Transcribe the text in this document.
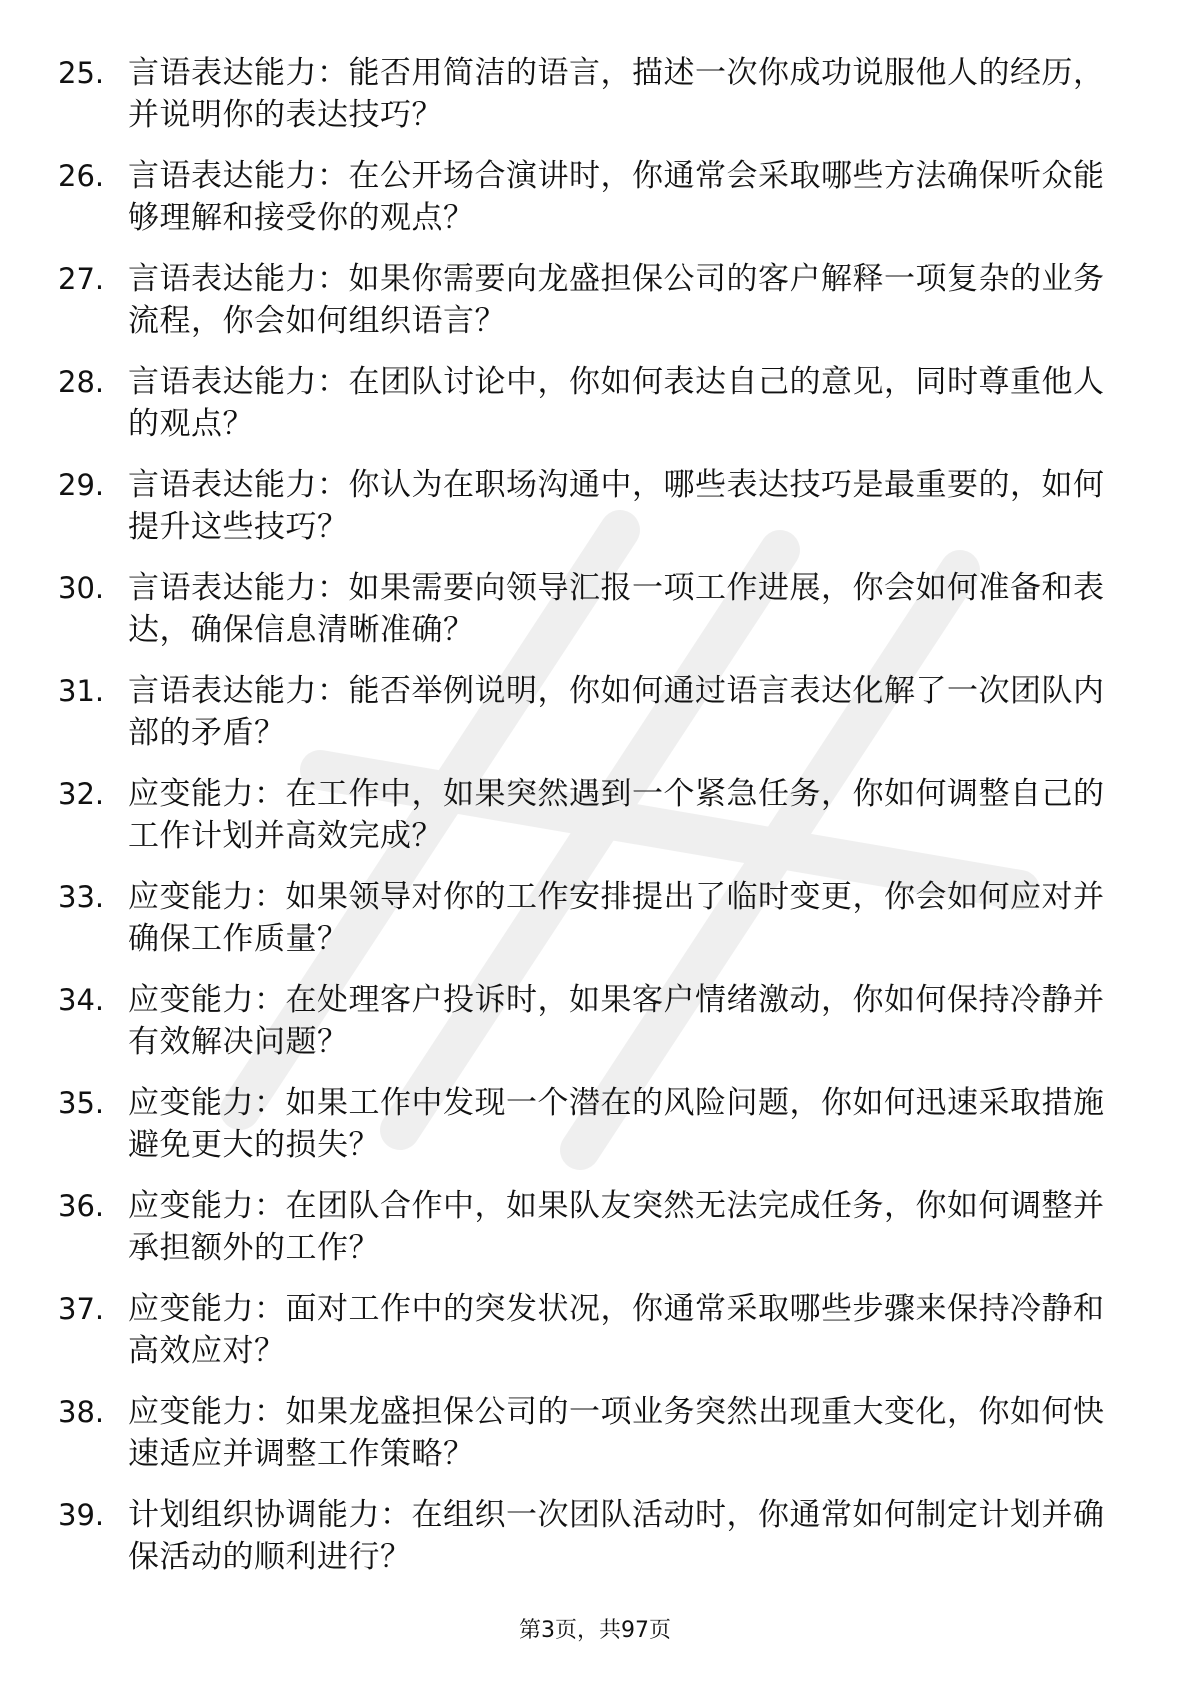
25. 言语表达能力：能否用简洁的语言，描述一次你成功说服他人的经历，并说明你的表达技巧？
26. 言语表达能力：在公开场合演讲时，你通常会采取哪些方法确保听众能够理解和接受你的观点？
27. 言语表达能力：如果你需要向龙盛担保公司的客户解释一项复杂的业务流程，你会如何组织语言？
28. 言语表达能力：在团队讨论中，你如何表达自己的意见，同时尊重他人的观点？
29. 言语表达能力：你认为在职场沟通中，哪些表达技巧是最重要的，如何提升这些技巧？
30. 言语表达能力：如果需要向领导汇报一项工作进展，你会如何准备和表达，确保信息清晰准确？
31. 言语表达能力：能否举例说明，你如何通过语言表达化解了一次团队内部的矛盾？
32. 应变能力：在工作中，如果突然遇到一个紧急任务，你如何调整自己的工作计划并高效完成？
33. 应变能力：如果领导对你的工作安排提出了临时变更，你会如何应对并确保工作质量？
34. 应变能力：在处理客户投诉时，如果客户情绪激动，你如何保持冷静并有效解决问题？
35. 应变能力：如果工作中发现一个潜在的风险问题，你如何迅速采取措施避免更大的损失？
36. 应变能力：在团队合作中，如果队友突然无法完成任务，你如何调整并承担额外的工作？
37. 应变能力：面对工作中的突发状况，你通常采取哪些步骤来保持冷静和高效应对？
38. 应变能力：如果龙盛担保公司的一项业务突然出现重大变化，你如何快速适应并调整工作策略？
39. 计划组织协调能力：在组织一次团队活动时，你通常如何制定计划并确保活动的顺利进行？
第3页，共97页
